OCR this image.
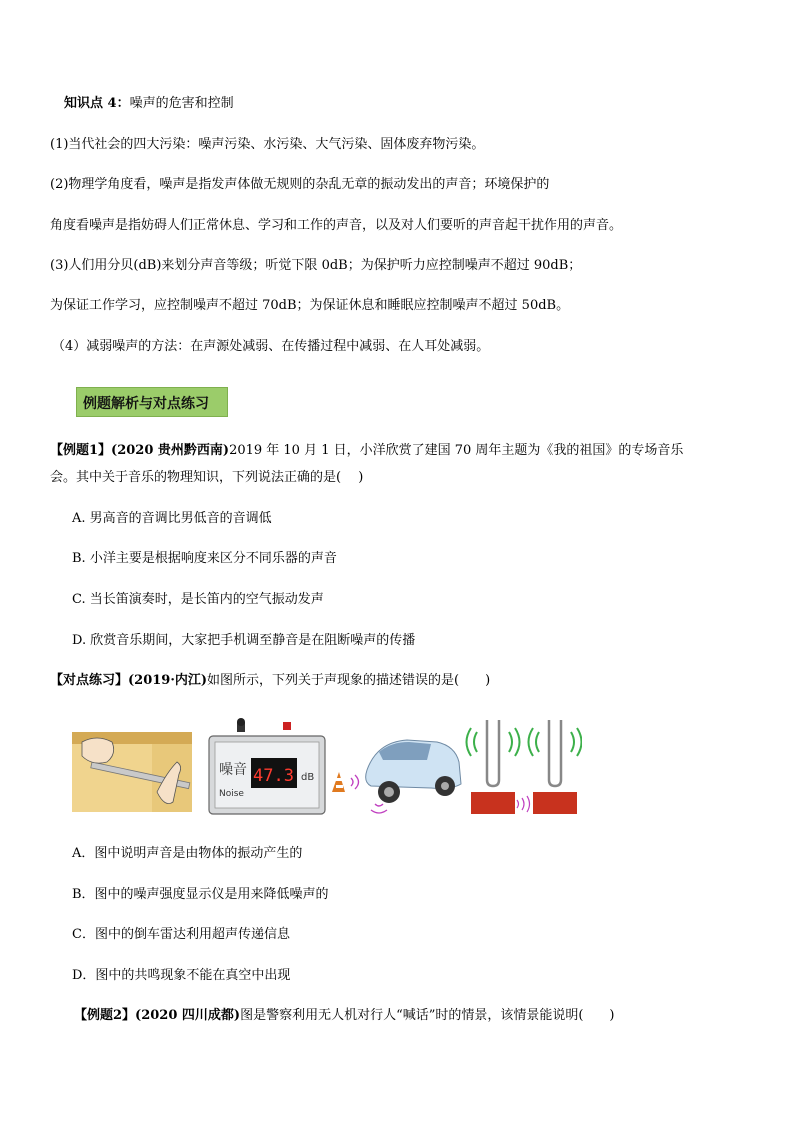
知识点 4：噪声的危害和控制
(1)当代社会的四大污染：噪声污染、水污染、大气污染、固体废弃物污染。
(2)物理学角度看，噪声是指发声体做无规则的杂乱无章的振动发出的声音；环境保护的
角度看噪声是指妨碍人们正常休息、学习和工作的声音，以及对人们要听的声音起干扰作用的声音。
(3)人们用分贝(dB)来划分声音等级；听觉下限 0dB；为保护听力应控制噪声不超过 90dB；
为保证工作学习，应控制噪声不超过 70dB；为保证休息和睡眠应控制噪声不超过 50dB。
（4）减弱噪声的方法：在声源处减弱、在传播过程中减弱、在人耳处减弱。
例题解析与对点练习
【例题1】(2020 贵州黔西南)2019 年 10 月 1 日，小洋欣赏了建国 70 周年主题为《我的祖国》的专场音乐
会。其中关于音乐的物理知识，下列说法正确的是(　 )
A. 男高音的音调比男低音的音调低
B. 小洋主要是根据响度来区分不同乐器的声音
C. 当长笛演奏时，是长笛内的空气振动发声
D. 欣赏音乐期间，大家把手机调至静音是在阻断噪声的传播
【对点练习】(2019·内江)如图所示，下列关于声现象的描述错误的是(　　)
噪音
Noise
47.3 dB
A．图中说明声音是由物体的振动产生的
B．图中的噪声强度显示仪是用来降低噪声的
C．图中的倒车雷达利用超声传递信息
D．图中的共鸣现象不能在真空中出现
【例题2】(2020 四川成都)图是警察利用无人机对行人“喊话”时的情景，该情景能说明(　　)
